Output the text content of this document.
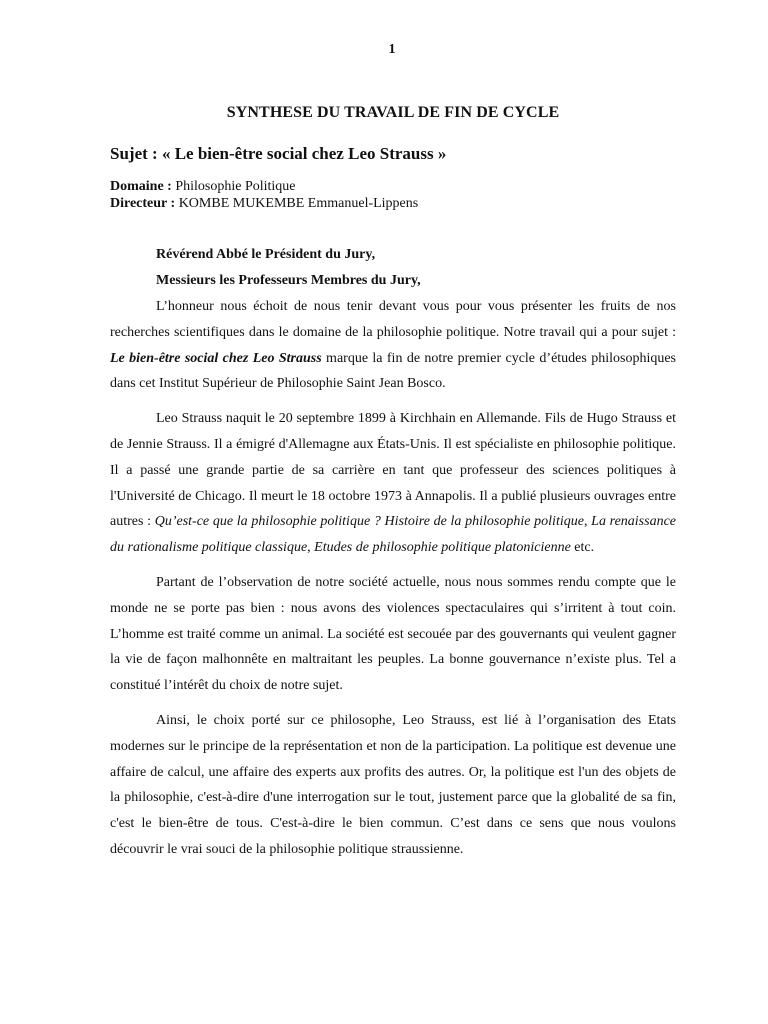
1
SYNTHESE DU TRAVAIL DE FIN DE CYCLE
Sujet : « Le bien-être social chez Leo Strauss »
Domaine : Philosophie Politique
Directeur : KOMBE MUKEMBE Emmanuel-Lippens
Révérend Abbé le Président du Jury,
Messieurs les Professeurs Membres du Jury,

L’honneur nous échoit de nous tenir devant vous pour vous présenter les fruits de nos recherches scientifiques dans le domaine de la philosophie politique. Notre travail qui a pour sujet : Le bien-être social chez Leo Strauss marque la fin de notre premier cycle d’études philosophiques dans cet Institut Supérieur de Philosophie Saint Jean Bosco.

Leo Strauss naquit le 20 septembre 1899 à Kirchhain en Allemande. Fils de Hugo Strauss et de Jennie Strauss. Il a émigré d'Allemagne aux États-Unis. Il est spécialiste en philosophie politique. Il a passé une grande partie de sa carrière en tant que professeur des sciences politiques à l'Université de Chicago. Il meurt le 18 octobre 1973 à Annapolis. Il a publié plusieurs ouvrages entre autres : Qu’est-ce que la philosophie politique ? Histoire de la philosophie politique, La renaissance du rationalisme politique classique, Etudes de philosophie politique platonicienne etc.

Partant de l’observation de notre société actuelle, nous nous sommes rendu compte que le monde ne se porte pas bien : nous avons des violences spectaculaires qui s’irritent à tout coin. L’homme est traité comme un animal. La société est secouée par des gouvernants qui veulent gagner la vie de façon malhonnête en maltraitant les peuples. La bonne gouvernance n’existe plus. Tel a constitué l’intérêt du choix de notre sujet.

Ainsi, le choix porté sur ce philosophe, Leo Strauss, est lié à l’organisation des Etats modernes sur le principe de la représentation et non de la participation. La politique est devenue une affaire de calcul, une affaire des experts aux profits des autres. Or, la politique est l'un des objets de la philosophie, c'est-à-dire d'une interrogation sur le tout, justement parce que la globalité de sa fin, c'est le bien-être de tous. C'est-à-dire le bien commun. C’est dans ce sens que nous voulons découvrir le vrai souci de la philosophie politique straussienne.
